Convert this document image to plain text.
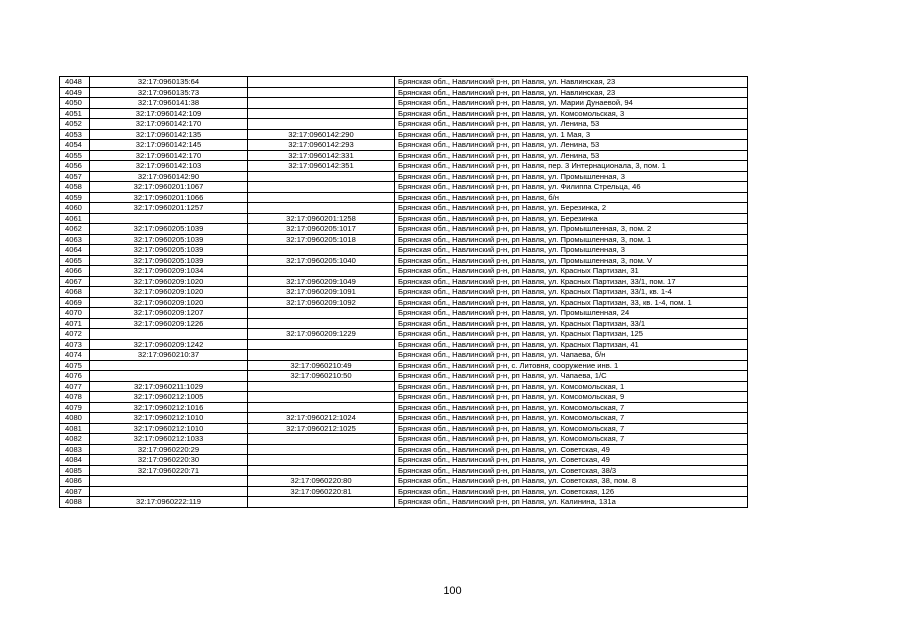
4048	32:17:0960135:64		Брянская обл., Навлинский р-н, рп Навля, ул. Навлинская, 23
4049	32:17:0960135:73		Брянская обл., Навлинский р-н, рп Навля, ул. Навлинская, 23
4050	32:17:0960141:38		Брянская обл., Навлинский р-н, рп Навля, ул. Марии Дунаевой, 94
4051	32:17:0960142:109		Брянская обл., Навлинский р-н, рп Навля, ул. Комсомольская, 3
4052	32:17:0960142:170		Брянская обл., Навлинский р-н, рп Навля, ул. Ленина, 53
4053	32:17:0960142:135	32:17:0960142:290	Брянская обл., Навлинский р-н, рп Навля, ул. 1 Мая, 3
4054	32:17:0960142:145	32:17:0960142:293	Брянская обл., Навлинский р-н, рп Навля, ул. Ленина, 53
4055	32:17:0960142:170	32:17:0960142:331	Брянская обл., Навлинский р-н, рп Навля, ул. Ленина, 53
4056	32:17:0960142:103	32:17:0960142:351	Брянская обл., Навлинский р-н, рп Навля, пер. 3 Интернационала, 3, пом. 1
4057	32:17:0960142:90		Брянская обл., Навлинский р-н, рп Навля, ул. Промышленная, 3
4058	32:17:0960201:1067		Брянская обл., Навлинский р-н, рп Навля, ул. Филиппа Стрельца, 46
4059	32:17:0960201:1066		Брянская обл., Навлинский р-н, рп Навля, б/н
4060	32:17:0960201:1257		Брянская обл., Навлинский р-н, рп Навля, ул. Березинка, 2
4061		32:17:0960201:1258	Брянская обл., Навлинский р-н, рп Навля, ул. Березинка
4062	32:17:0960205:1039	32:17:0960205:1017	Брянская обл., Навлинский р-н, рп Навля, ул. Промышленная, 3, пом. 2
4063	32:17:0960205:1039	32:17:0960205:1018	Брянская обл., Навлинский р-н, рп Навля, ул. Промышленная, 3, пом. 1
4064	32:17:0960205:1039		Брянская обл., Навлинский р-н, рп Навля, ул. Промышленная, 3
4065	32:17:0960205:1039	32:17:0960205:1040	Брянская обл., Навлинский р-н, рп Навля, ул. Промышленная, 3, пом. V
4066	32:17:0960209:1034		Брянская обл., Навлинский р-н, рп Навля, ул. Красных Партизан, 31
4067	32:17:0960209:1020	32:17:0960209:1049	Брянская обл., Навлинский р-н, рп Навля, ул. Красных Партизан, 33/1, пом. 17
4068	32:17:0960209:1020	32:17:0960209:1091	Брянская обл., Навлинский р-н, рп Навля, ул. Красных Партизан, 33/1, кв. 1-4
4069	32:17:0960209:1020	32:17:0960209:1092	Брянская обл., Навлинский р-н, рп Навля, ул. Красных Партизан, 33, кв. 1-4, пом. 1
4070	32:17:0960209:1207		Брянская обл., Навлинский р-н, рп Навля, ул. Промышленная, 24
4071	32:17:0960209:1226		Брянская обл., Навлинский р-н, рп Навля, ул. Красных Партизан, 33/1
4072		32:17:0960209:1229	Брянская обл., Навлинский р-н, рп Навля, ул. Красных Партизан, 125
4073	32:17:0960209:1242		Брянская обл., Навлинский р-н, рп Навля, ул. Красных Партизан, 41
4074	32:17:0960210:37		Брянская обл., Навлинский р-н, рп Навля, ул. Чапаева, б/н
4075		32:17:0960210:49	Брянская обл., Навлинский р-н, с. Литовня, сооружение инв. 1
4076		32:17:0960210:50	Брянская обл., Навлинский р-н, рп Навля, ул. Чапаева, 1/С
4077	32:17:0960211:1029		Брянская обл., Навлинский р-н, рп Навля, ул. Комсомольская, 1
4078	32:17:0960212:1005		Брянская обл., Навлинский р-н, рп Навля, ул. Комсомольская, 9
4079	32:17:0960212:1016		Брянская обл., Навлинский р-н, рп Навля, ул. Комсомольская, 7
4080	32:17:0960212:1010	32:17:0960212:1024	Брянская обл., Навлинский р-н, рп Навля, ул. Комсомольская, 7
4081	32:17:0960212:1010	32:17:0960212:1025	Брянская обл., Навлинский р-н, рп Навля, ул. Комсомольская, 7
4082	32:17:0960212:1033		Брянская обл., Навлинский р-н, рп Навля, ул. Комсомольская, 7
4083	32:17:0960220:29		Брянская обл., Навлинский р-н, рп Навля, ул. Советская, 49
4084	32:17:0960220:30		Брянская обл., Навлинский р-н, рп Навля, ул. Советская, 49
4085	32:17:0960220:71		Брянская обл., Навлинский р-н, рп Навля, ул. Советская, 38/3
4086		32:17:0960220:80	Брянская обл., Навлинский р-н, рп Навля, ул. Советская, 38, пом. 8
4087		32:17:0960220:81	Брянская обл., Навлинский р-н, рп Навля, ул. Советская, 126
4088	32:17:0960222:119		Брянская обл., Навлинский р-н, рп Навля, ул. Калинина, 131а
100
